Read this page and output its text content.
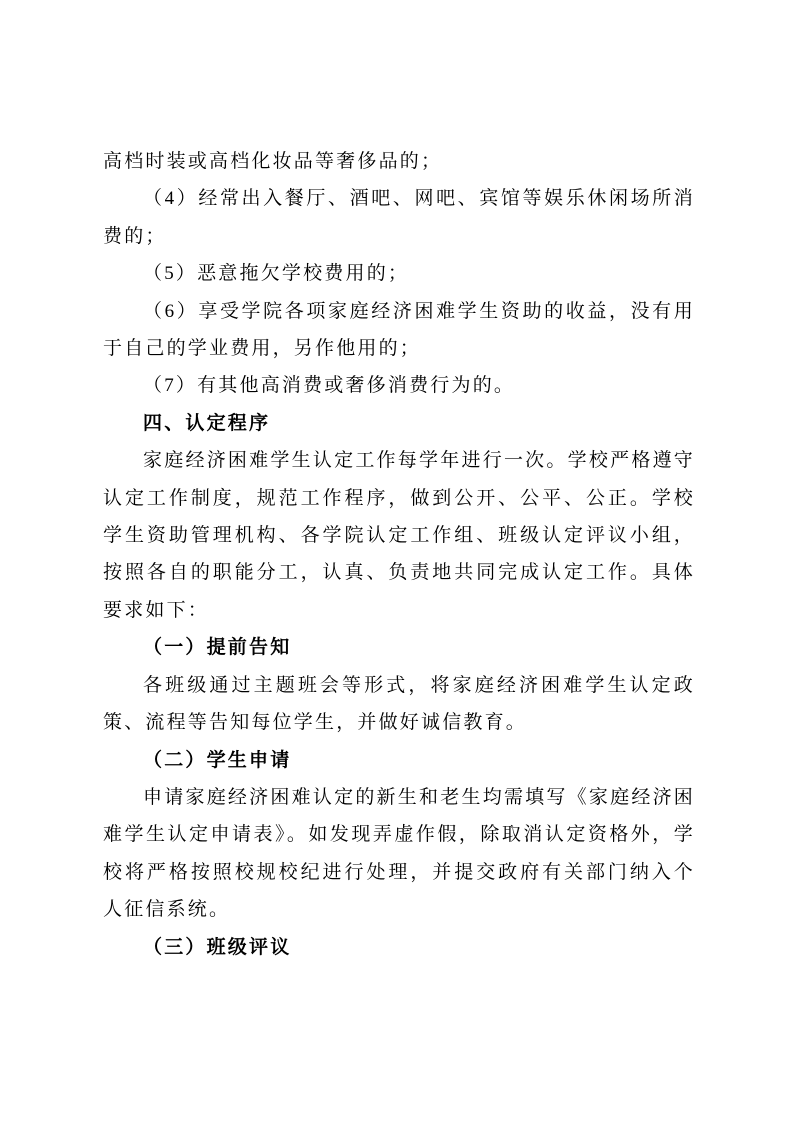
高档时装或高档化妆品等奢侈品的；

（4）经常出入餐厅、酒吧、网吧、宾馆等娱乐休闲场所消费的；

（5）恶意拖欠学校费用的；

（6）享受学院各项家庭经济困难学生资助的收益，没有用于自己的学业费用，另作他用的；

（7）有其他高消费或奢侈消费行为的。

四、认定程序

家庭经济困难学生认定工作每学年进行一次。学校严格遵守认定工作制度，规范工作程序，做到公开、公平、公正。学校学生资助管理机构、各学院认定工作组、班级认定评议小组，按照各自的职能分工，认真、负责地共同完成认定工作。具体要求如下：

（一）提前告知

各班级通过主题班会等形式，将家庭经济困难学生认定政策、流程等告知每位学生，并做好诚信教育。

（二）学生申请

申请家庭经济困难认定的新生和老生均需填写《家庭经济困难学生认定申请表》。如发现弄虚作假，除取消认定资格外，学校将严格按照校规校纪进行处理，并提交政府有关部门纳入个人征信系统。

（三）班级评议
